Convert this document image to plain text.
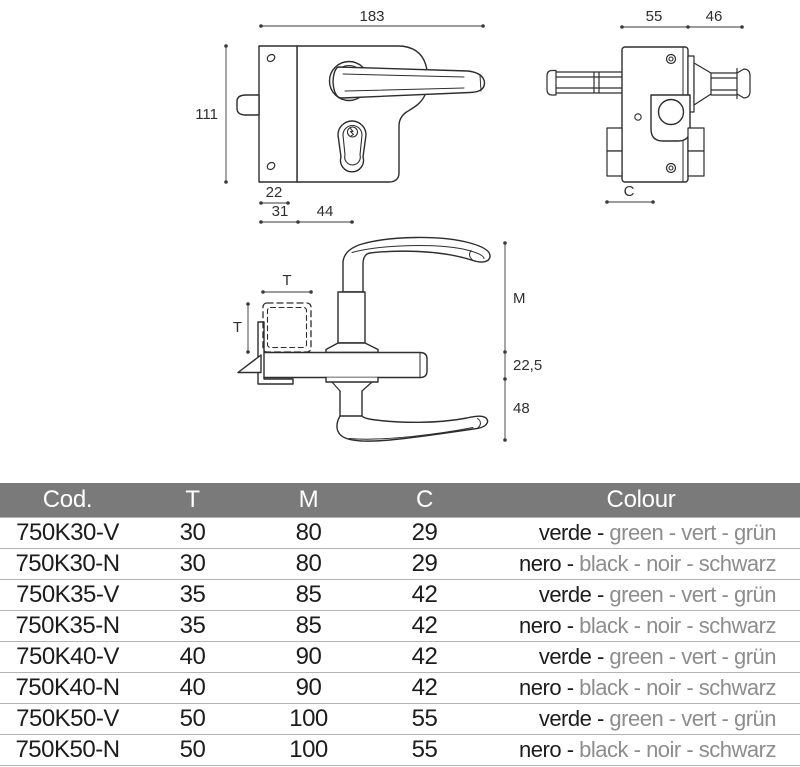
183
111
22
31 44
55	46
C
T
T
M
22,5
48
Cod.	T	M	C	Colour
750K30-V	30	80	29	verde - green - vert - grün
750K30-N	30	80	29	nero - black - noir - schwarz
750K35-V	35	85	42	verde - green - vert - grün
750K35-N	35	85	42	nero - black - noir - schwarz
750K40-V	40	90	42	verde - green - vert - grün
750K40-N	40	90	42	nero - black - noir - schwarz
750K50-V	50	100	55	verde - green - vert - grün
750K50-N	50	100	55	nero - black - noir - schwarz
